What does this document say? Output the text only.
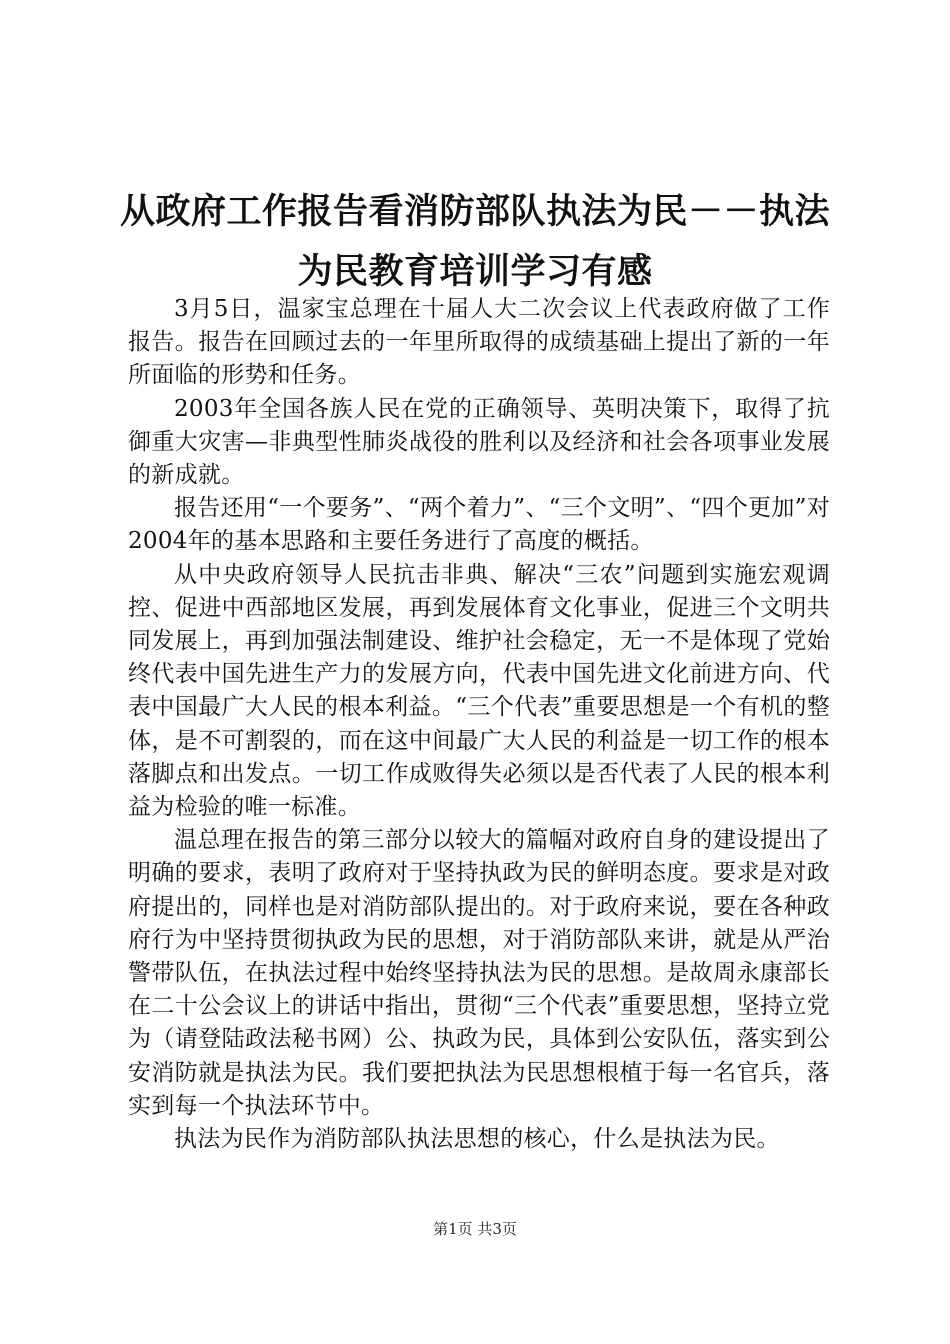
从政府工作报告看消防部队执法为民－－执法
为民教育培训学习有感

3月5日，温家宝总理在十届人大二次会议上代表政府做了工作报告。报告在回顾过去的一年里所取得的成绩基础上提出了新的一年所面临的形势和任务。

2003年全国各族人民在党的正确领导、英明决策下，取得了抗御重大灾害—非典型性肺炎战役的胜利以及经济和社会各项事业发展的新成就。

报告还用“一个要务”、“两个着力”、“三个文明”、“四个更加”对2004年的基本思路和主要任务进行了高度的概括。

从中央政府领导人民抗击非典、解决“三农”问题到实施宏观调控、促进中西部地区发展，再到发展体育文化事业，促进三个文明共同发展上，再到加强法制建设、维护社会稳定，无一不是体现了党始终代表中国先进生产力的发展方向，代表中国先进文化前进方向、代表中国最广大人民的根本利益。“三个代表”重要思想是一个有机的整体，是不可割裂的，而在这中间最广大人民的利益是一切工作的根本落脚点和出发点。一切工作成败得失必须以是否代表了人民的根本利益为检验的唯一标准。

温总理在报告的第三部分以较大的篇幅对政府自身的建设提出了明确的要求，表明了政府对于坚持执政为民的鲜明态度。要求是对政府提出的，同样也是对消防部队提出的。对于政府来说，要在各种政府行为中坚持贯彻执政为民的思想，对于消防部队来讲，就是从严治警带队伍，在执法过程中始终坚持执法为民的思想。是故周永康部长在二十公会议上的讲话中指出，贯彻“三个代表”重要思想，坚持立党为（请登陆政法秘书网）公、执政为民，具体到公安队伍，落实到公安消防就是执法为民。我们要把执法为民思想根植于每一名官兵，落实到每一个执法环节中。

执法为民作为消防部队执法思想的核心，什么是执法为民。

第1页 共3页
